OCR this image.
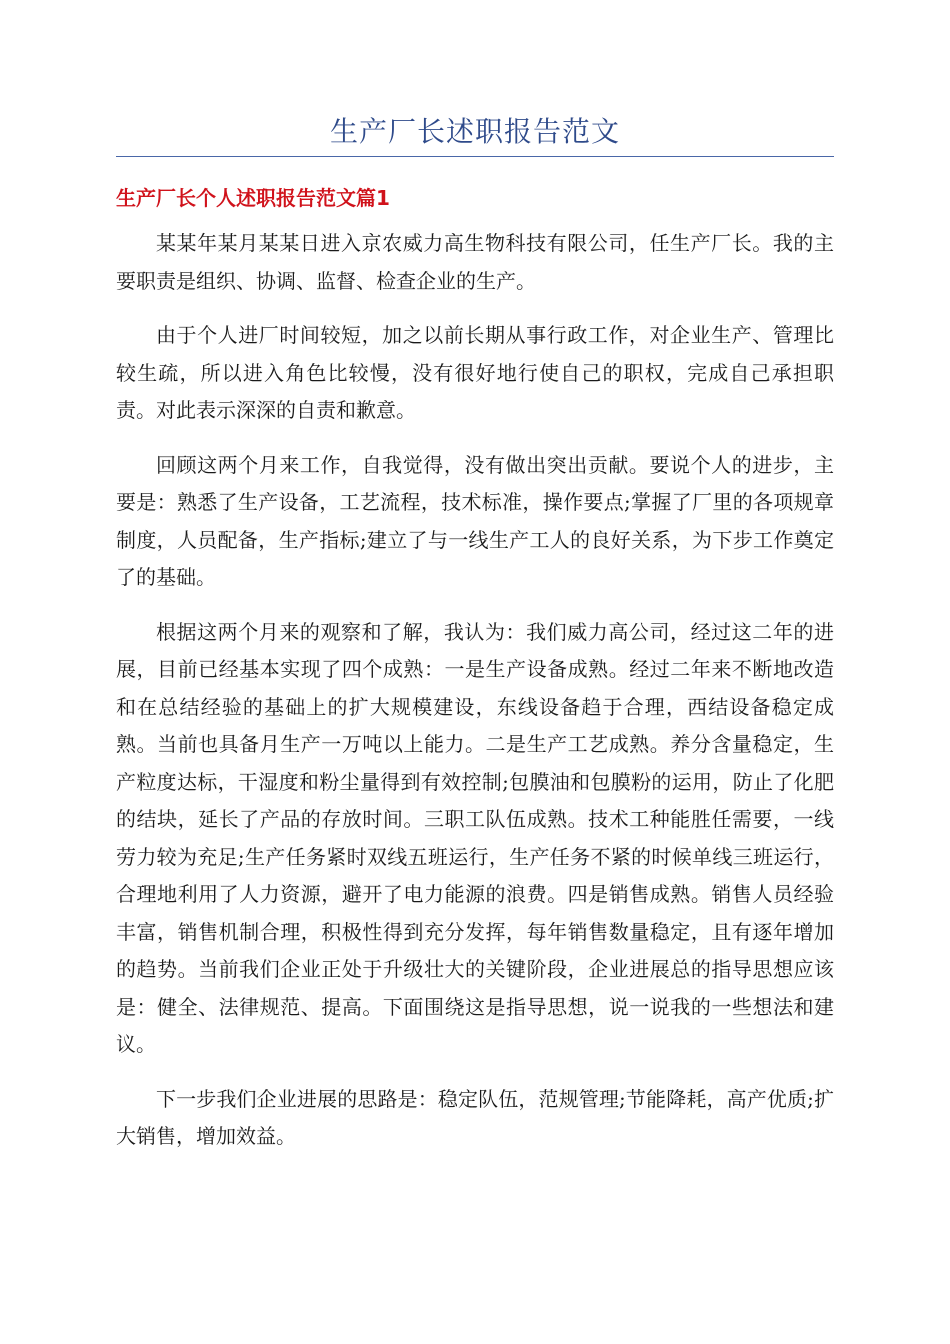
生产厂长述职报告范文
生产厂长个人述职报告范文篇1

某某年某月某某日进入京农威力高生物科技有限公司，任生产厂长。我的主要职责是组织、协调、监督、检查企业的生产。

由于个人进厂时间较短，加之以前长期从事行政工作，对企业生产、管理比较生疏，所以进入角色比较慢，没有很好地行使自己的职权，完成自己承担职责。对此表示深深的自责和歉意。

回顾这两个月来工作，自我觉得，没有做出突出贡献。要说个人的进步，主要是：熟悉了生产设备，工艺流程，技术标准，操作要点;掌握了厂里的各项规章制度，人员配备，生产指标;建立了与一线生产工人的良好关系，为下步工作奠定了的基础。

根据这两个月来的观察和了解，我认为：我们威力高公司，经过这二年的进展，目前已经基本实现了四个成熟：一是生产设备成熟。经过二年来不断地改造和在总结经验的基础上的扩大规模建设，东线设备趋于合理，西结设备稳定成熟。当前也具备月生产一万吨以上能力。二是生产工艺成熟。养分含量稳定，生产粒度达标，干湿度和粉尘量得到有效控制;包膜油和包膜粉的运用，防止了化肥的结块，延长了产品的存放时间。三职工队伍成熟。技术工种能胜任需要，一线劳力较为充足;生产任务紧时双线五班运行，生产任务不紧的时候单线三班运行，合理地利用了人力资源，避开了电力能源的浪费。四是销售成熟。销售人员经验丰富，销售机制合理，积极性得到充分发挥，每年销售数量稳定，且有逐年增加的趋势。当前我们企业正处于升级壮大的关键阶段，企业进展总的指导思想应该是：健全、法律规范、提高。下面围绕这是指导思想，说一说我的一些想法和建议。

下一步我们企业进展的思路是：稳定队伍，范规管理;节能降耗，高产优质;扩大销售，增加效益。
